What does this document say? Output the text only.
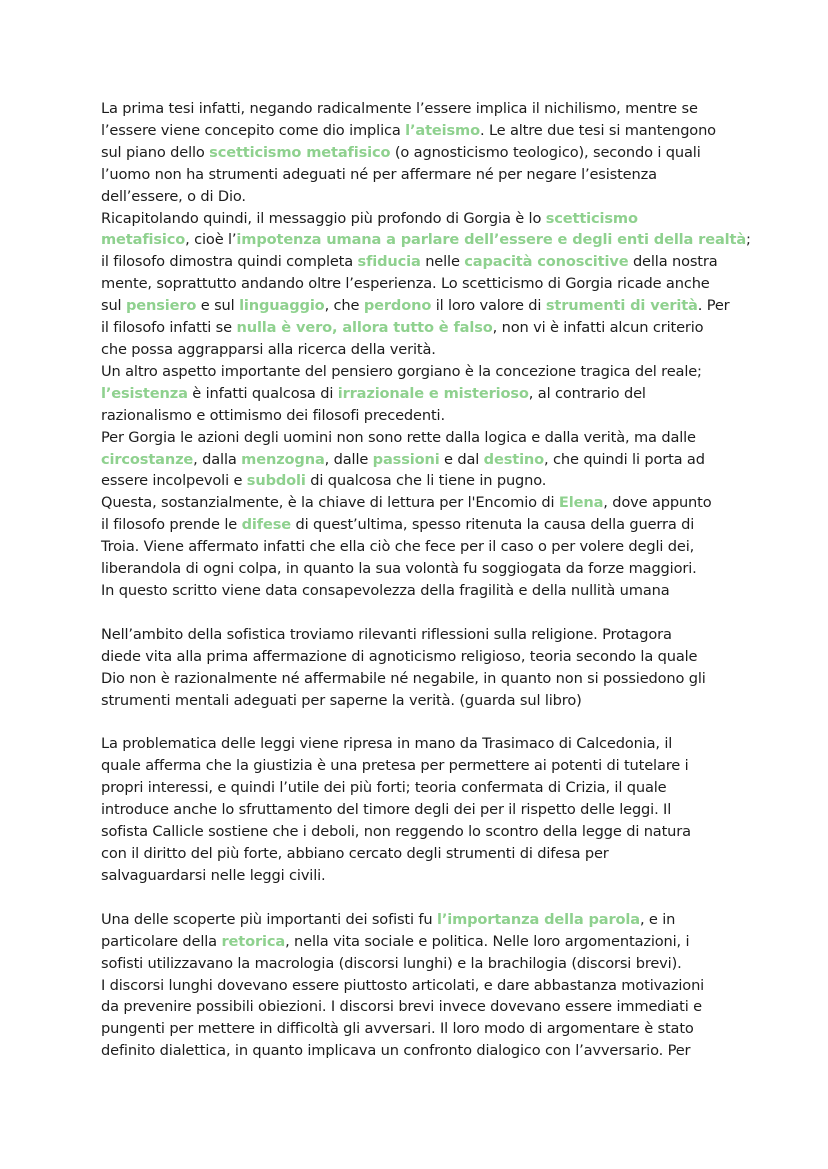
La prima tesi infatti, negando radicalmente l’essere implica il nichilismo, mentre se
l’essere viene concepito come dio implica l’ateismo. Le altre due tesi si mantengono
sul piano dello scetticismo metafisico (o agnosticismo teologico), secondo i quali
l’uomo non ha strumenti adeguati né per affermare né per negare l’esistenza
dell’essere, o di Dio.
Ricapitolando quindi, il messaggio più profondo di Gorgia è lo scetticismo
metafisico, cioè l’impotenza umana a parlare dell’essere e degli enti della realtà;
il filosofo dimostra quindi completa sfiducia nelle capacità conoscitive della nostra
mente, soprattutto andando oltre l’esperienza. Lo scetticismo di Gorgia ricade anche
sul pensiero e sul linguaggio, che perdono il loro valore di strumenti di verità. Per
il filosofo infatti se nulla è vero, allora tutto è falso, non vi è infatti alcun criterio
che possa aggrapparsi alla ricerca della verità.
Un altro aspetto importante del pensiero gorgiano è la concezione tragica del reale;
l’esistenza è infatti qualcosa di irrazionale e misterioso, al contrario del
razionalismo e ottimismo dei filosofi precedenti.
Per Gorgia le azioni degli uomini non sono rette dalla logica e dalla verità, ma dalle
circostanze, dalla menzogna, dalle passioni e dal destino, che quindi li porta ad
essere incolpevoli e subdoli di qualcosa che li tiene in pugno.
Questa, sostanzialmente, è la chiave di lettura per l'Encomio di Elena, dove appunto
il filosofo prende le difese di quest’ultima, spesso ritenuta la causa della guerra di
Troia. Viene affermato infatti che ella ciò che fece per il caso o per volere degli dei,
liberandola di ogni colpa, in quanto la sua volontà fu soggiogata da forze maggiori.
In questo scritto viene data consapevolezza della fragilità e della nullità umana
Nell’ambito della sofistica troviamo rilevanti riflessioni sulla religione. Protagora
diede vita alla prima affermazione di agnoticismo religioso, teoria secondo la quale
Dio non è razionalmente né affermabile né negabile, in quanto non si possiedono gli
strumenti mentali adeguati per saperne la verità. (guarda sul libro)
La problematica delle leggi viene ripresa in mano da Trasimaco di Calcedonia, il
quale afferma che la giustizia è una pretesa per permettere ai potenti di tutelare i
propri interessi, e quindi l’utile dei più forti; teoria confermata di Crizia, il quale
introduce anche lo sfruttamento del timore degli dei per il rispetto delle leggi. Il
sofista Callicle sostiene che i deboli, non reggendo lo scontro della legge di natura
con il diritto del più forte, abbiano cercato degli strumenti di difesa per
salvaguardarsi nelle leggi civili.
Una delle scoperte più importanti dei sofisti fu l’importanza della parola, e in
particolare della retorica, nella vita sociale e politica. Nelle loro argomentazioni, i
sofisti utilizzavano la macrologia (discorsi lunghi) e la brachilogia (discorsi brevi).
I discorsi lunghi dovevano essere piuttosto articolati, e dare abbastanza motivazioni
da prevenire possibili obiezioni. I discorsi brevi invece dovevano essere immediati e
pungenti per mettere in difficoltà gli avversari. Il loro modo di argomentare è stato
definito dialettica, in quanto implicava un confronto dialogico con l’avversario. Per
